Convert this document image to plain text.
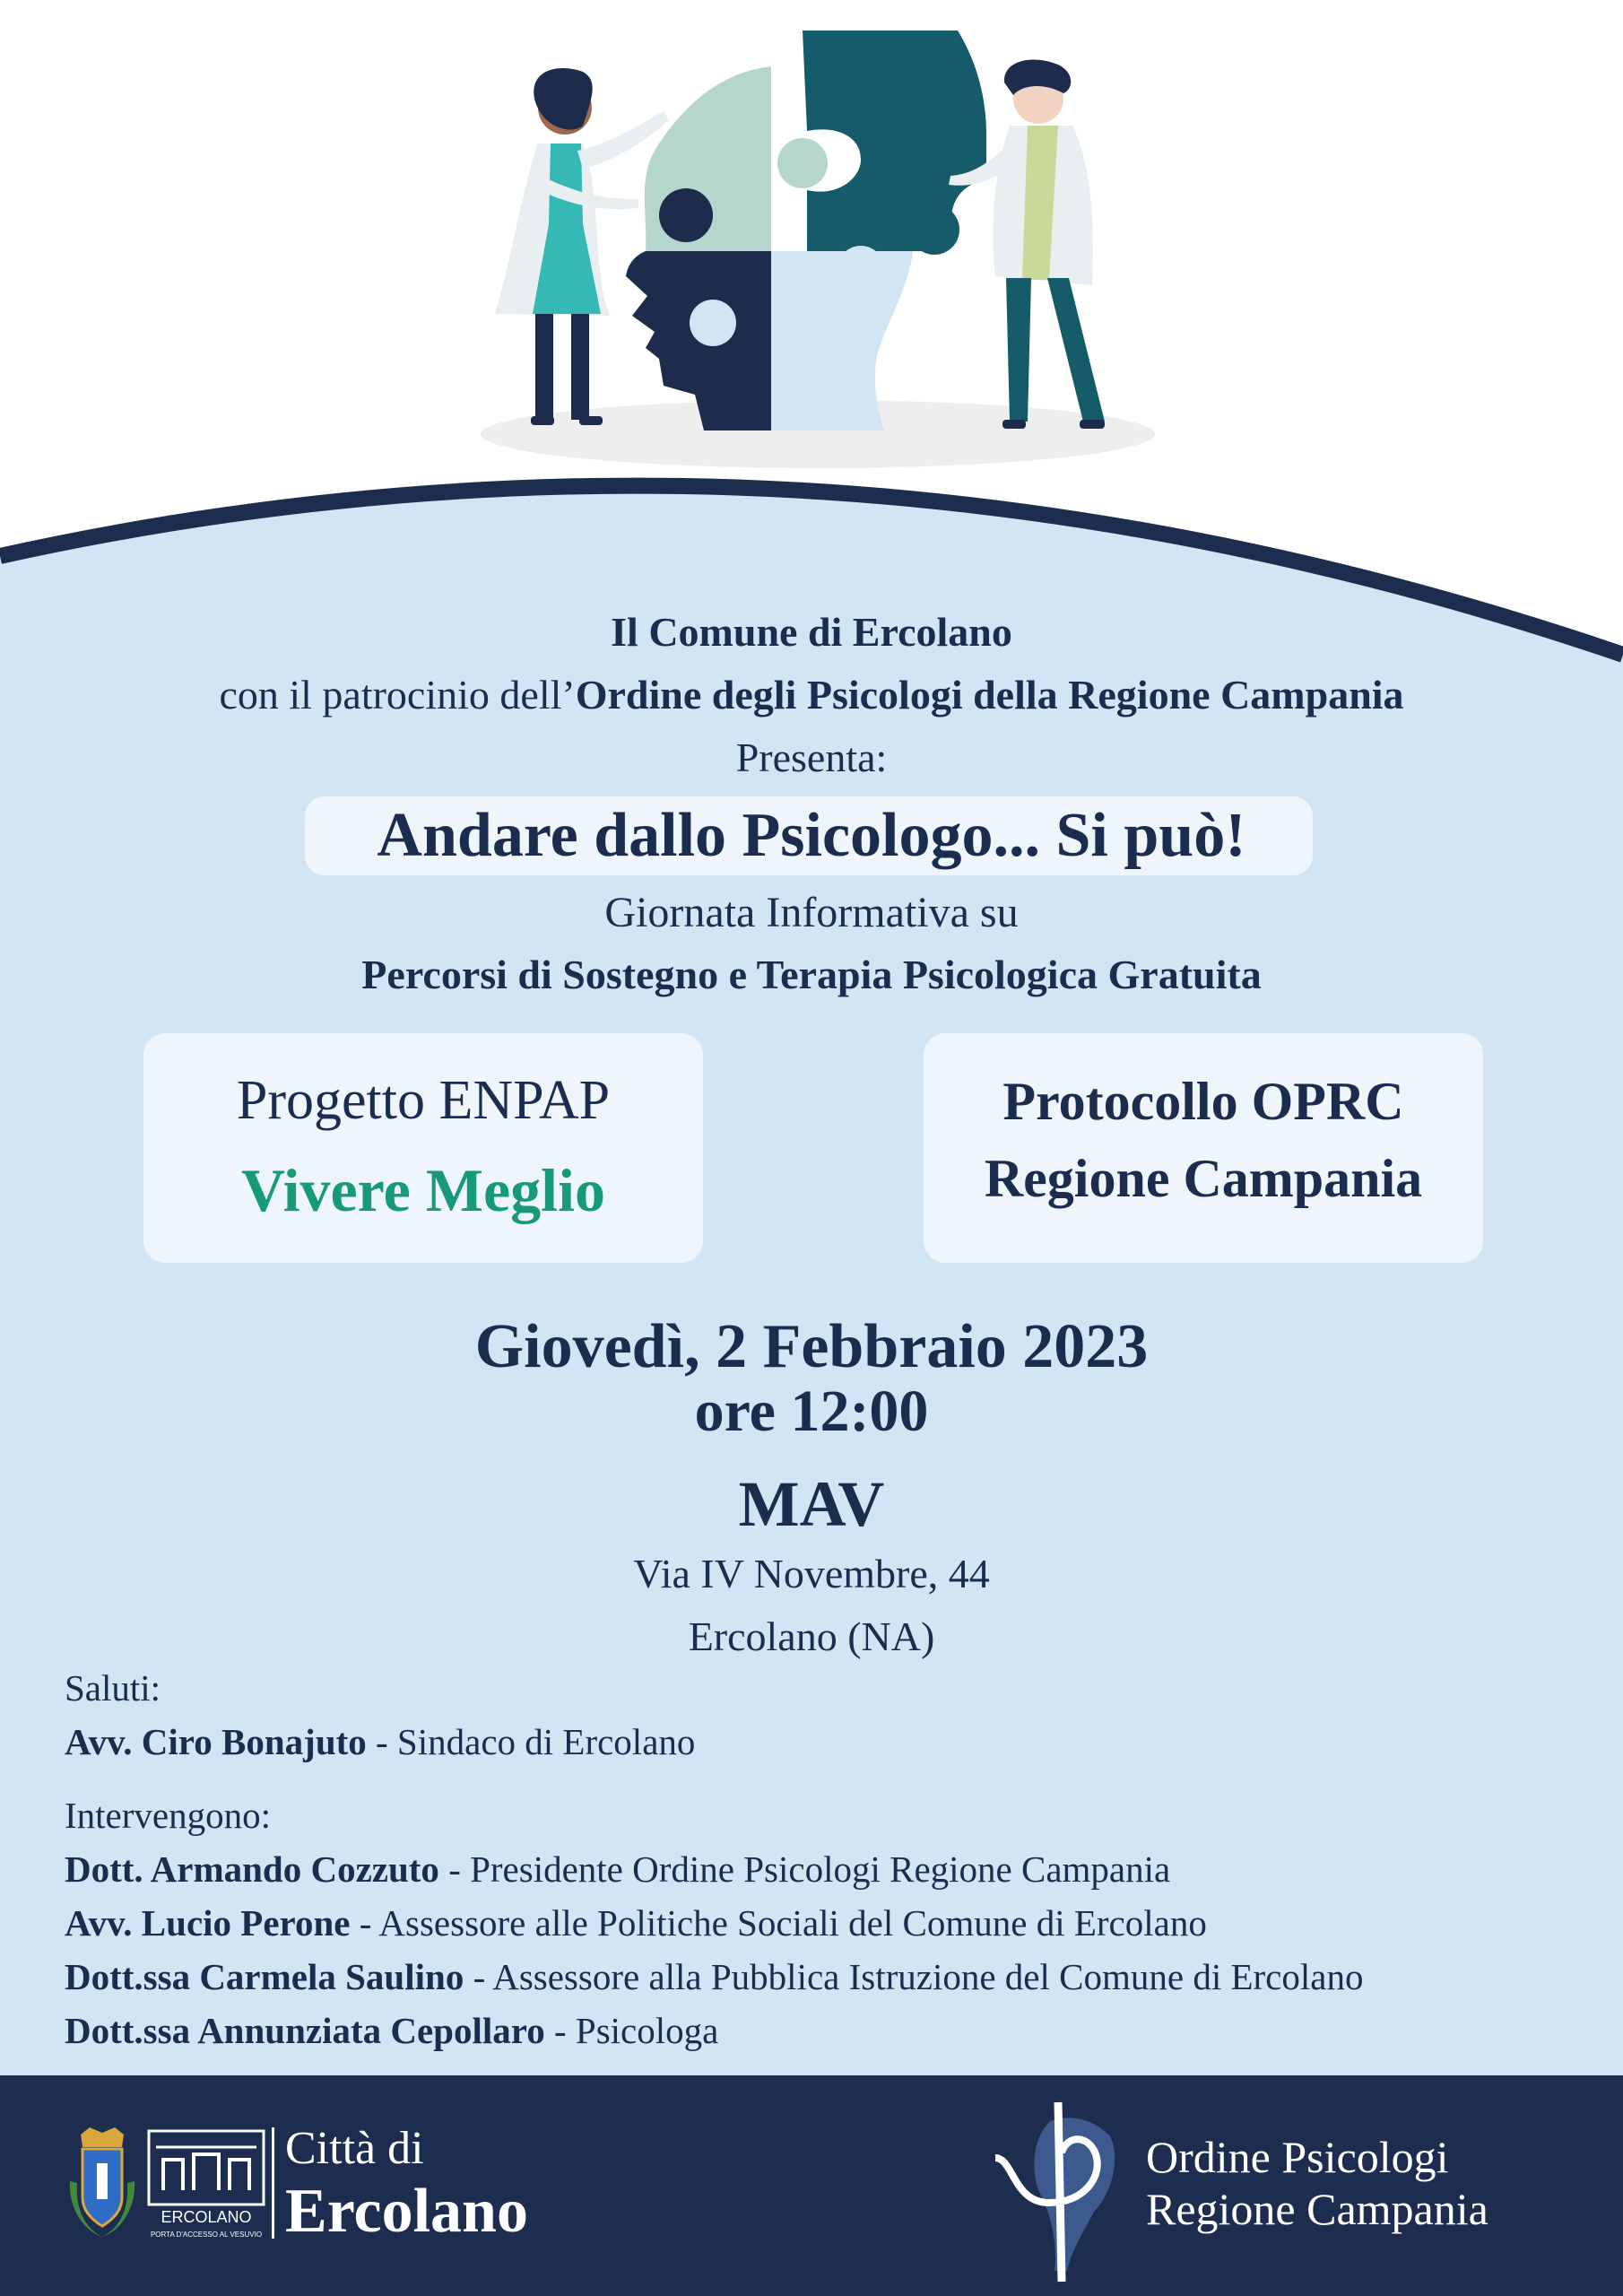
Il Comune di Ercolano
con il patrocinio dell’Ordine degli Psicologi della Regione Campania
Presenta:
Andare dallo Psicologo... Si può!
Giornata Informativa su
Percorsi di Sostegno e Terapia Psicologica Gratuita
Progetto ENPAP
Vivere Meglio
Protocollo OPRC
Regione Campania
Giovedì, 2 Febbraio 2023
ore 12:00
MAV
Via IV Novembre, 44
Ercolano (NA)
Saluti:
Avv. Ciro Bonajuto - Sindaco di Ercolano
Intervengono:
Dott. Armando Cozzuto - Presidente Ordine Psicologi Regione Campania
Avv. Lucio Perone - Assessore alle Politiche Sociali del Comune di Ercolano
Dott.ssa Carmela Saulino - Assessore alla Pubblica Istruzione del Comune di Ercolano
Dott.ssa Annunziata Cepollaro - Psicologa
ERCOLANO
PORTA D'ACCESSO AL VESUVIO
Città di
Ercolano
Ordine Psicologi
Regione Campania
